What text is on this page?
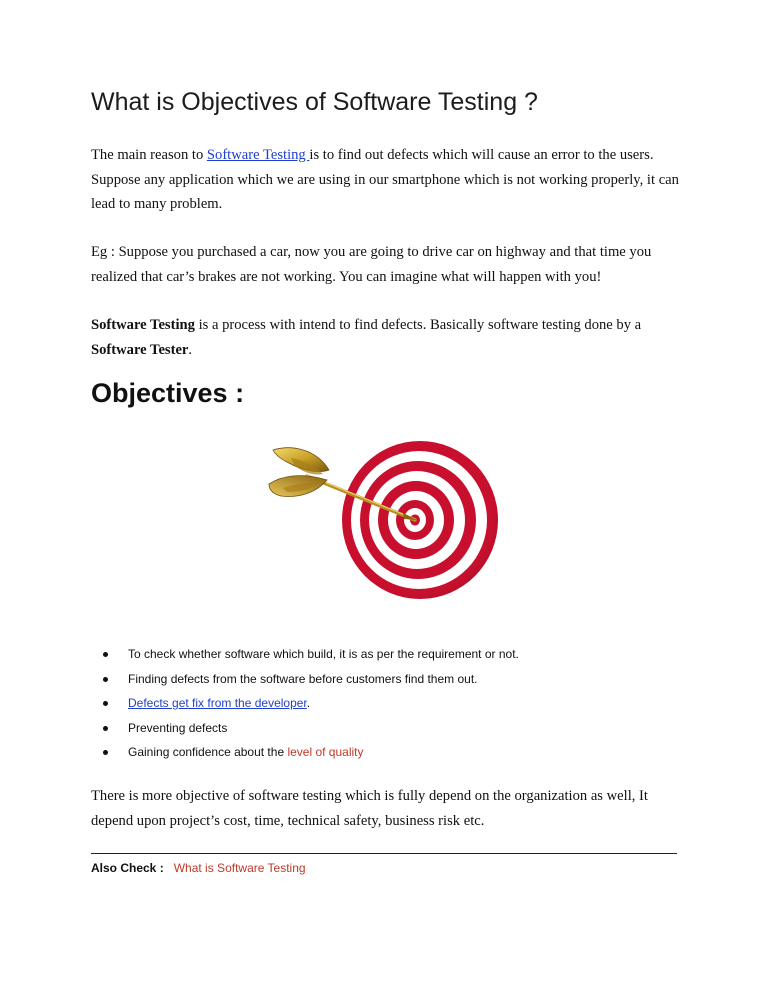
What is Objectives of Software Testing ?

The main reason to Software Testing is to find out defects which will cause an error to the users. Suppose any application which we are using in our smartphone which is not working properly, it can lead to many problem.

Eg : Suppose you purchased a car, now you are going to drive car on highway and that time you realized that car’s brakes are not working. You can imagine what will happen with you!

Software Testing is a process with intend to find defects. Basically software testing done by a Software Tester.

Objectives :
To check whether software which build, it is as per the requirement or not.
Finding defects from the software before customers find them out.
Defects get fix from the developer.
Preventing defects
Gaining confidence about the level of quality

There is more objective of software testing which is fully depend on the organization as well, It depend upon project’s cost, time, technical safety, business risk etc.

Also Check : What is Software Testing
